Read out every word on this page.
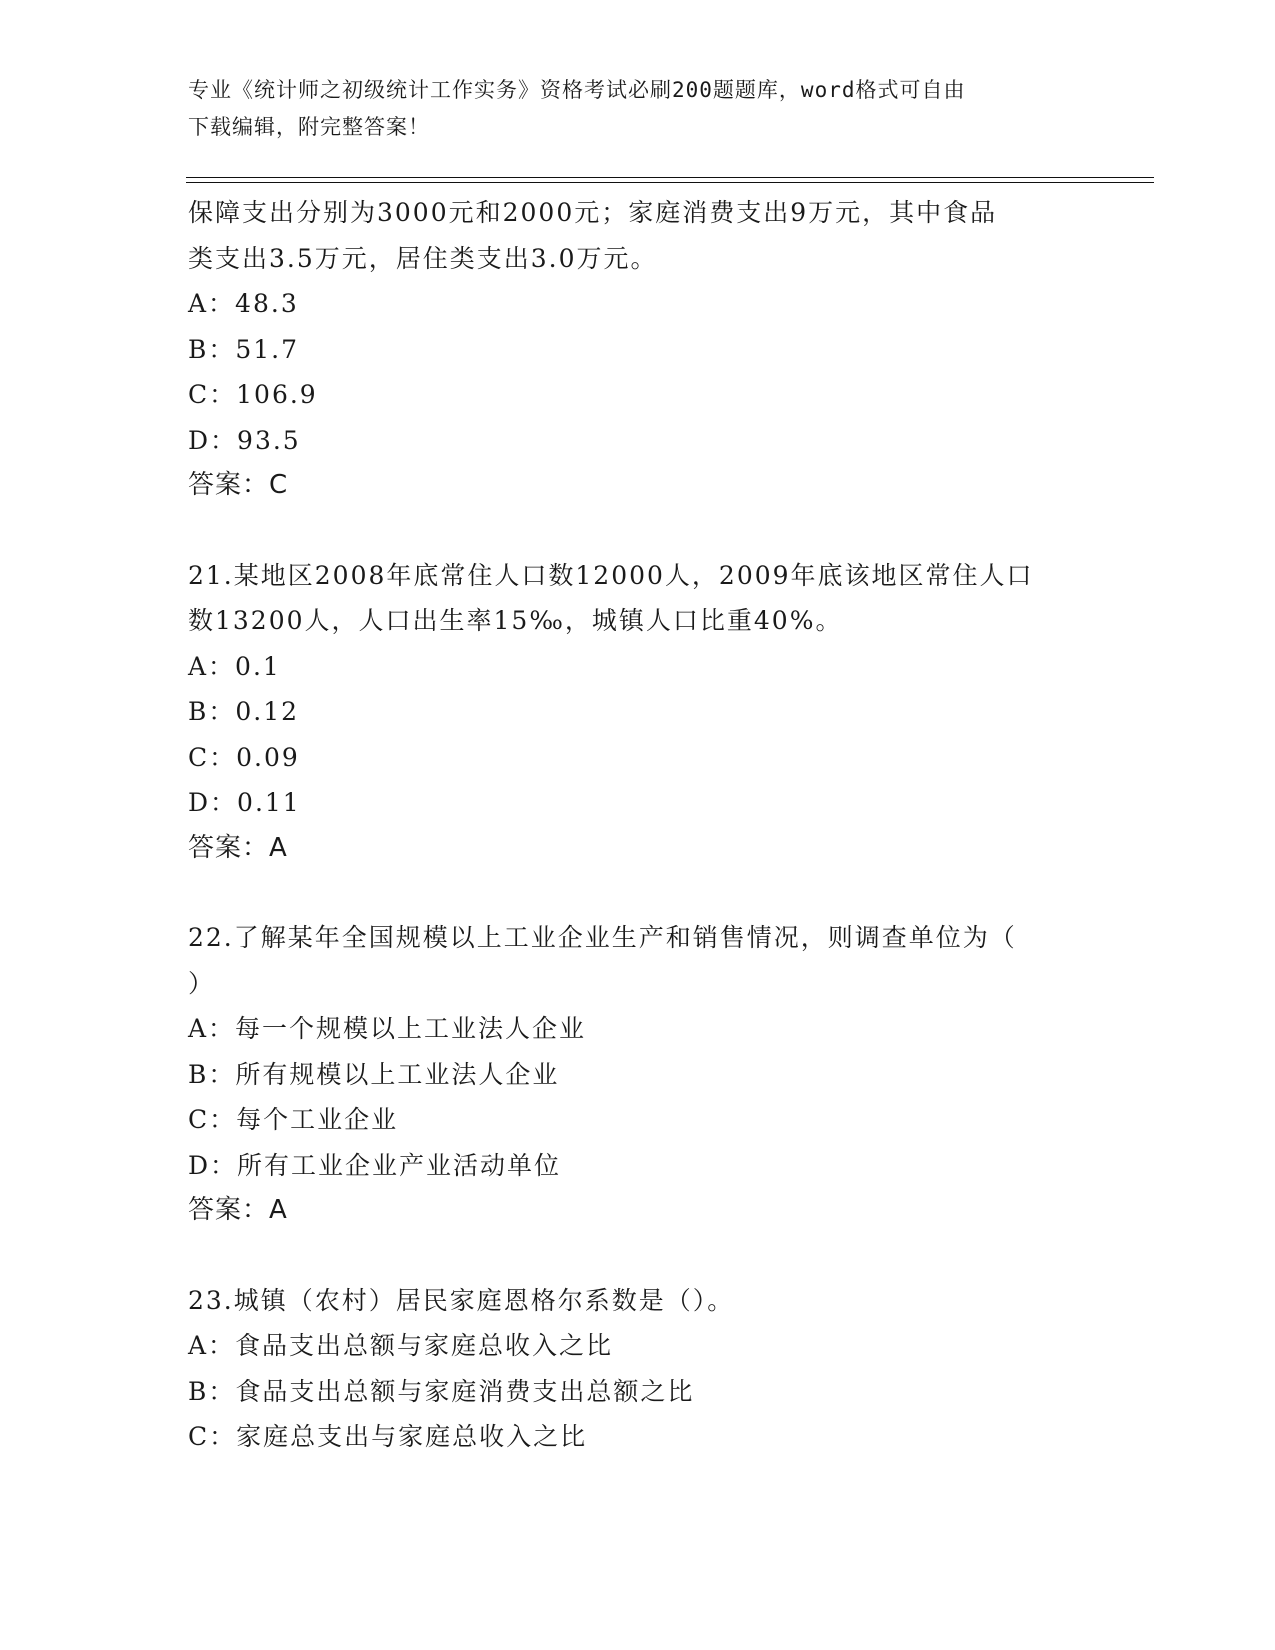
专业《统计师之初级统计工作实务》资格考试必刷200题题库，word格式可自由
下载编辑，附完整答案！
保障支出分别为3000元和2000元；家庭消费支出9万元，其中食品
类支出3.5万元，居住类支出3.0万元。
A：48.3
B：51.7
C：106.9
D：93.5
答案：C
21.某地区2008年底常住人口数12000人，2009年底该地区常住人口
数13200人，人口出生率15‰，城镇人口比重40%。
A：0.1
B：0.12
C：0.09
D：0.11
答案：A
22.了解某年全国规模以上工业企业生产和销售情况，则调查单位为（
）
A：每一个规模以上工业法人企业
B：所有规模以上工业法人企业
C：每个工业企业
D：所有工业企业产业活动单位
答案：A
23.城镇（农村）居民家庭恩格尔系数是（）。
A：食品支出总额与家庭总收入之比
B：食品支出总额与家庭消费支出总额之比
C：家庭总支出与家庭总收入之比
